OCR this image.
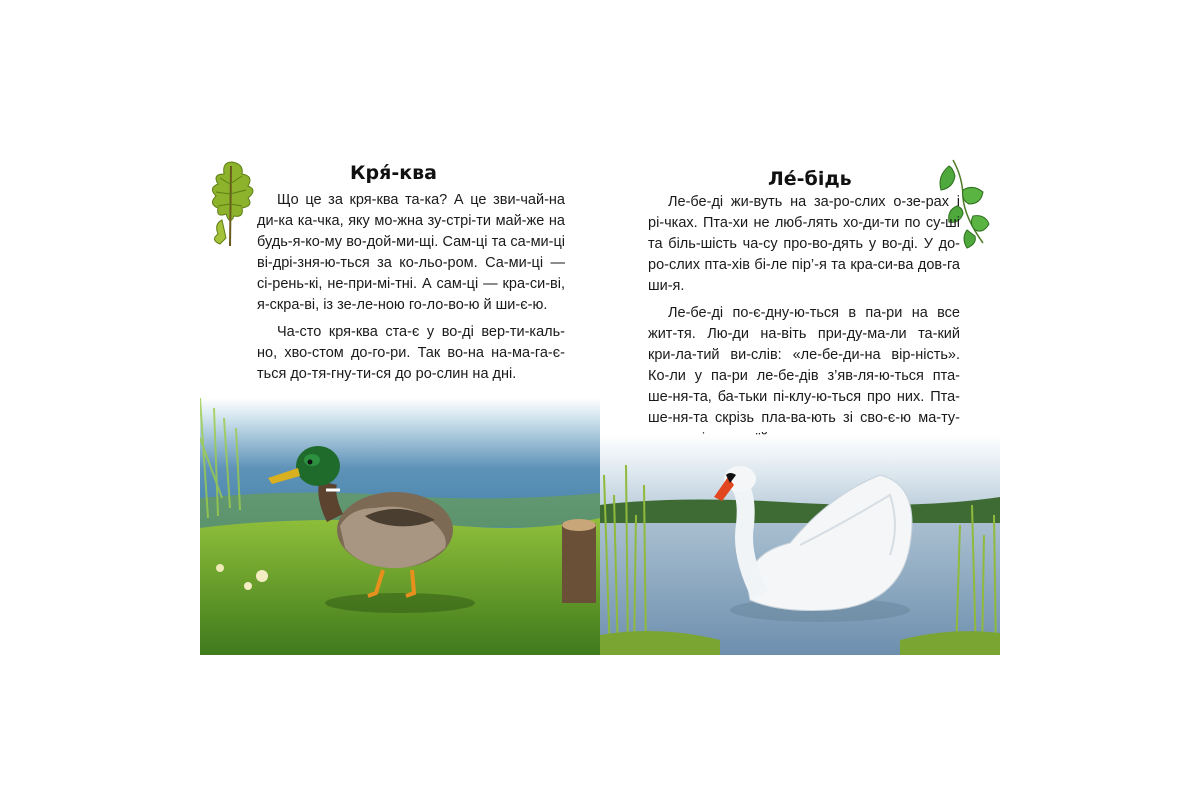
Кря́-ква

Що це за кря-ква та-ка? А це зви-чай-на ди-ка ка-чка, яку мо-жна зу-стрі-ти май-же на будь-я-ко-му во-дой-ми-щі. Сам-ці та са-ми-ці ві-дрі-зня-ю-ться за ко-льо-ром. Са-ми-ці — сі-рень-кі, не-при-мі-тні. А сам-ці — кра-си-ві, я-скра-ві, із зе-ле-ною го-ло-во-ю й ши-є-ю.

Ча-сто кря-ква ста-є у во-ді вер-ти-каль-но, хво-стом до-го-ри. Так во-на на-ма-га-є-ться до-тя-гну-ти-ся до ро-слин на дні.

Ле́-бідь

Ле-бе-ді жи-вуть на за-ро-слих о-зе-рах і рі-чках. Пта-хи не люб-лять хо-ди-ти по су-ші та біль-шість ча-су про-во-дять у во-ді. У до-ро-слих пта-хів бі-ле пір’-я та кра-си-ва дов-га ши-я.

Ле-бе-ді по-є-дну-ю-ться в па-ри на все жит-тя. Лю-ди на-віть при-ду-ма-ли та-кий кри-ла-тий ви-слів: «ле-бе-ди-на вір-ність». Ко-ли у па-ри ле-бе-дів з’яв-ля-ю-ться пта-ше-ня-та, ба-тьки пі-клу-ю-ться про них. Пта-ше-ня-та скрізь пла-ва-ють зі сво-є-ю ма-ту-
